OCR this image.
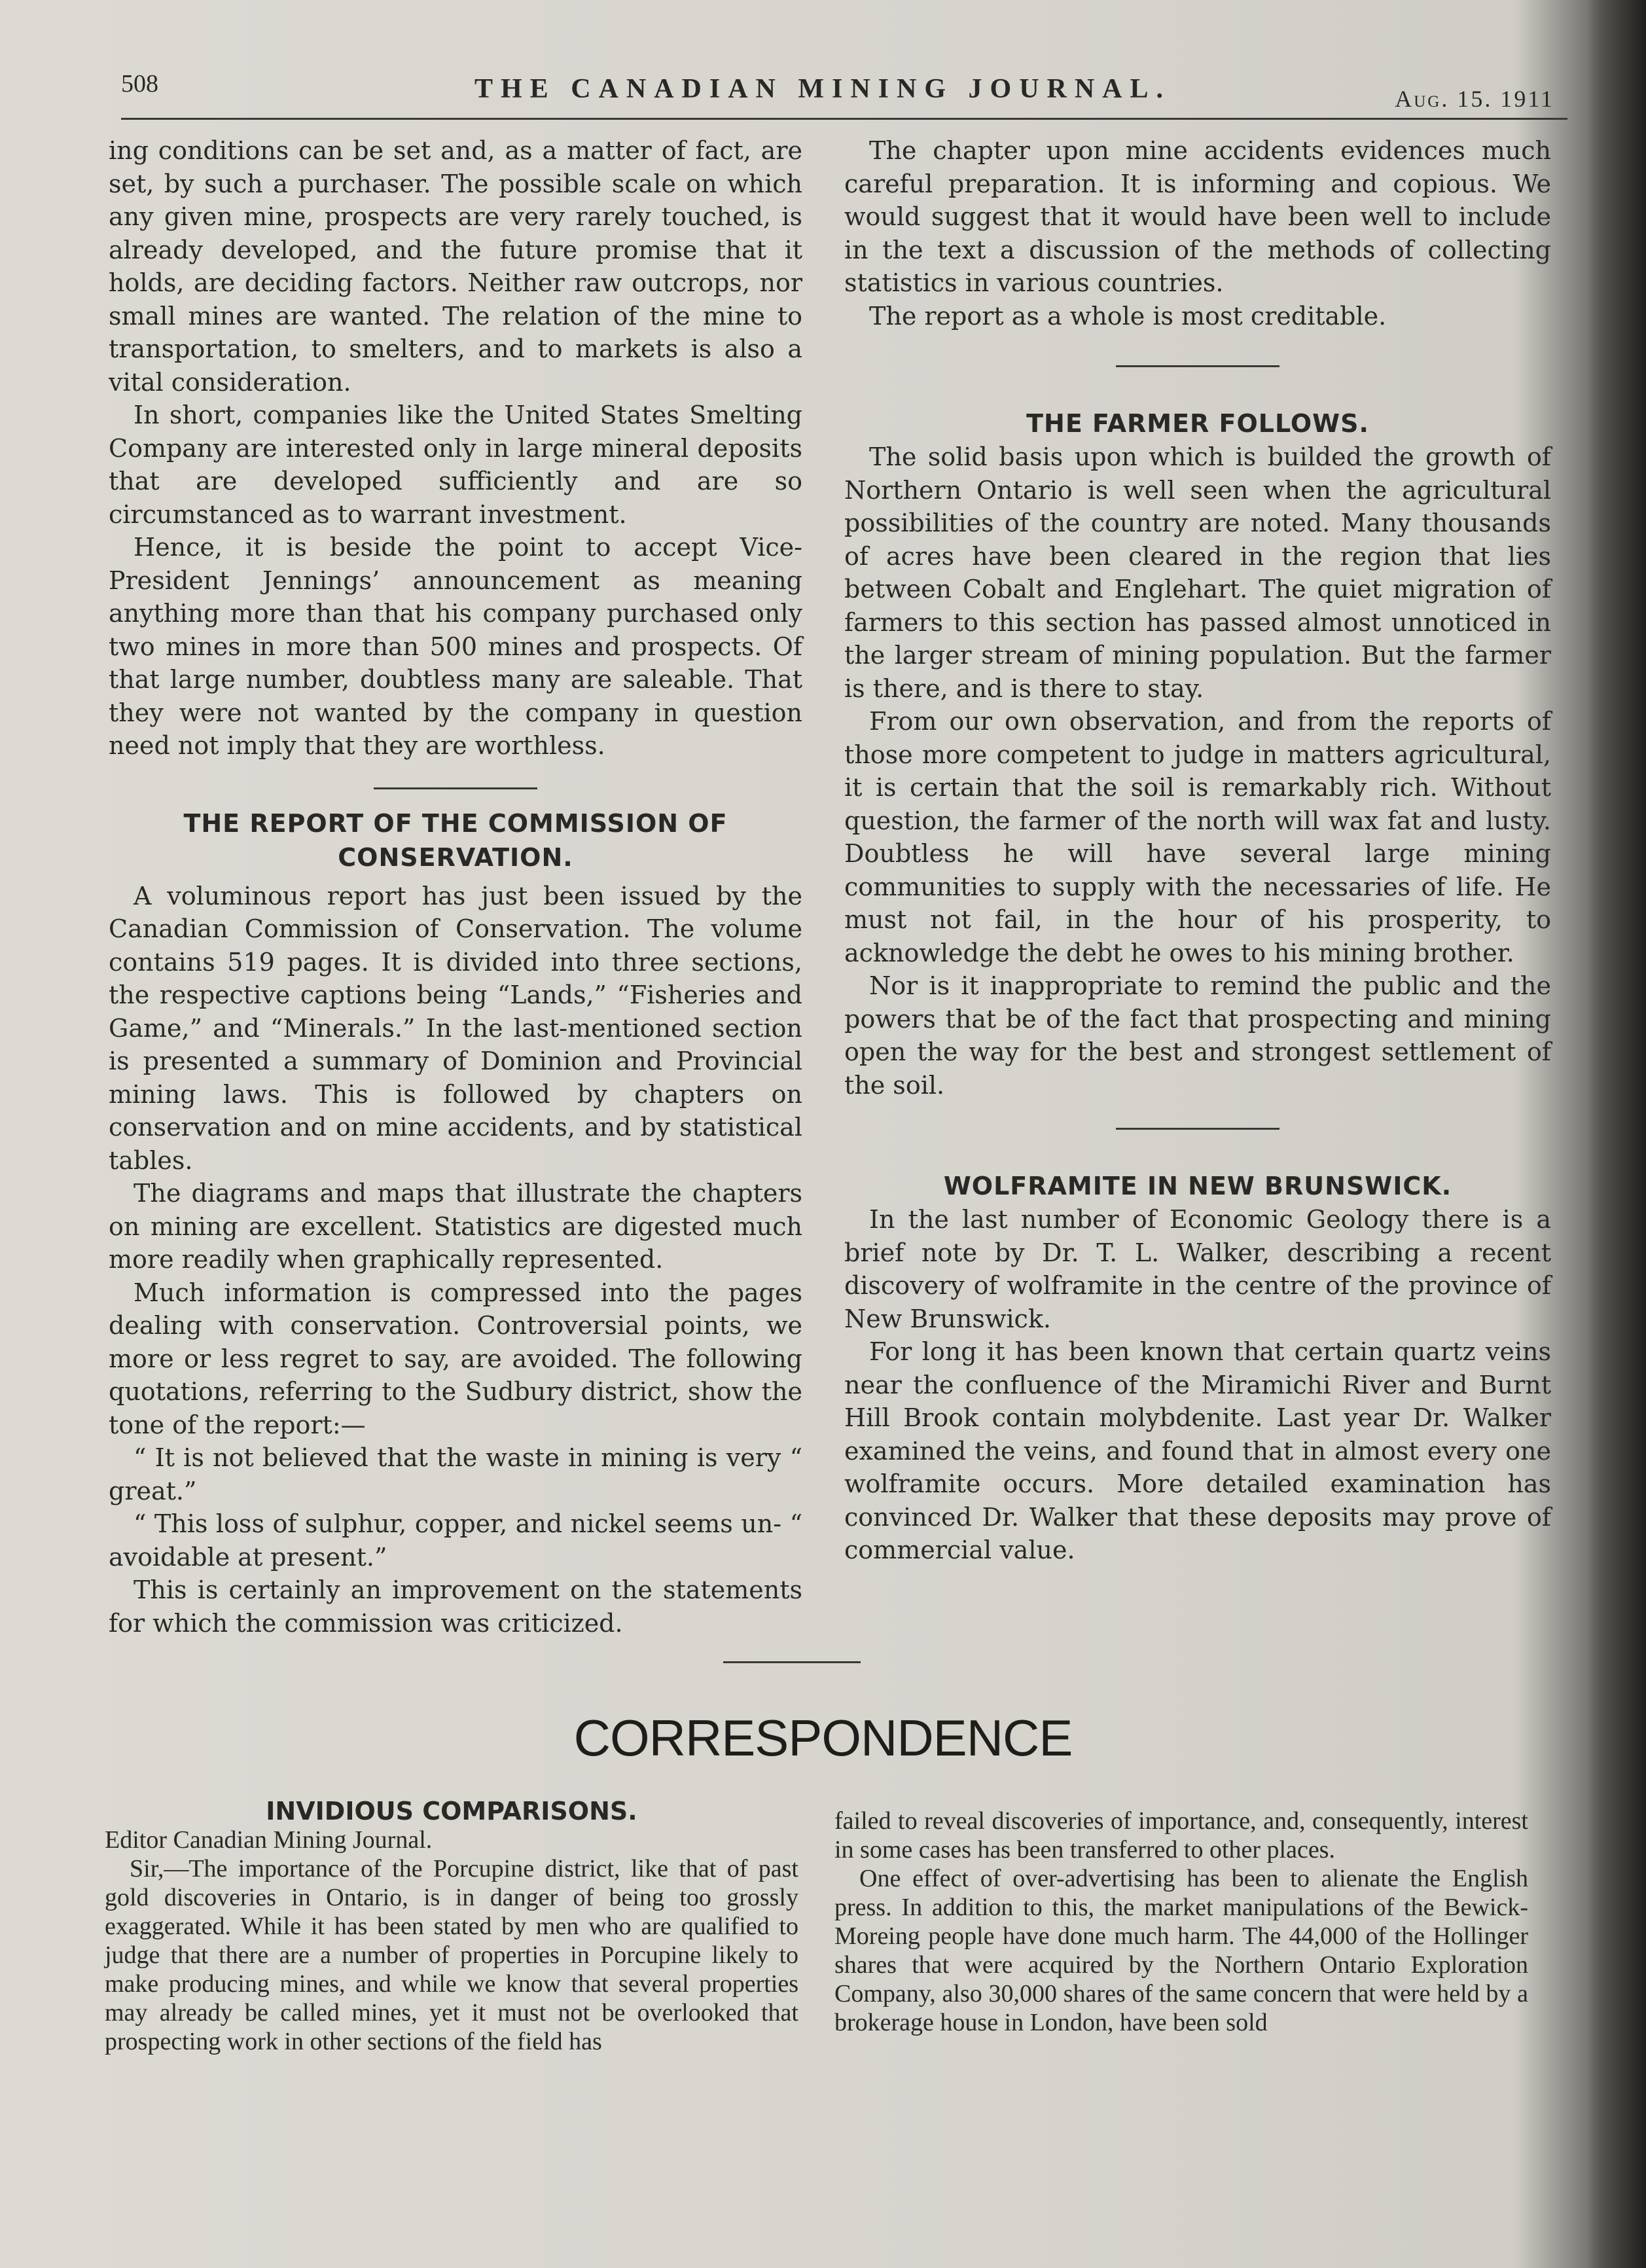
508	THE CANADIAN MINING JOURNAL.	Aug. 15. 1911

ing conditions can be set and, as a matter of fact, are set, by such a purchaser. The possible scale on which any given mine, prospects are very rarely touched, is already developed, and the future promise that it holds, are deciding factors. Neither raw outcrops, nor small mines are wanted. The relation of the mine to transportation, to smelters, and to markets is also a vital consideration.

In short, companies like the United States Smelting Company are interested only in large mineral deposits that are developed sufficiently and are so circumstanced as to warrant investment.

Hence, it is beside the point to accept Vice-President Jennings’ announcement as meaning anything more than that his company purchased only two mines in more than 500 mines and prospects. Of that large number, doubtless many are saleable. That they were not wanted by the company in question need not imply that they are worthless.

THE REPORT OF THE COMMISSION OF CONSERVATION.

A voluminous report has just been issued by the Canadian Commission of Conservation. The volume contains 519 pages. It is divided into three sections, the respective captions being “Lands,” “Fisheries and Game,” and “Minerals.” In the last-mentioned section is presented a summary of Dominion and Provincial mining laws. This is followed by chapters on conservation and on mine accidents, and by statistical tables.

The diagrams and maps that illustrate the chapters on mining are excellent. Statistics are digested much more readily when graphically represented.

Much information is compressed into the pages dealing with conservation. Controversial points, we more or less regret to say, are avoided. The following quotations, referring to the Sudbury district, show the tone of the report:—

“ It is not believed that the waste in mining is very “ great.”

“ This loss of sulphur, copper, and nickel seems un- “ avoidable at present.”

This is certainly an improvement on the statements for which the commission was criticized.

The chapter upon mine accidents evidences much careful preparation. It is informing and copious. We would suggest that it would have been well to include in the text a discussion of the methods of collecting statistics in various countries.

The report as a whole is most creditable.

THE FARMER FOLLOWS.

The solid basis upon which is builded the growth of Northern Ontario is well seen when the agricultural possibilities of the country are noted. Many thousands of acres have been cleared in the region that lies between Cobalt and Englehart. The quiet migration of farmers to this section has passed almost unnoticed in the larger stream of mining population. But the farmer is there, and is there to stay.

From our own observation, and from the reports of those more competent to judge in matters agricultural, it is certain that the soil is remarkably rich. Without question, the farmer of the north will wax fat and lusty. Doubtless he will have several large mining communities to supply with the necessaries of life. He must not fail, in the hour of his prosperity, to acknowledge the debt he owes to his mining brother.

Nor is it inappropriate to remind the public and the powers that be of the fact that prospecting and mining open the way for the best and strongest settlement of the soil.

WOLFRAMITE IN NEW BRUNSWICK.

In the last number of Economic Geology there is a brief note by Dr. T. L. Walker, describing a recent discovery of wolframite in the centre of the province of New Brunswick.

For long it has been known that certain quartz veins near the confluence of the Miramichi River and Burnt Hill Brook contain molybdenite. Last year Dr. Walker examined the veins, and found that in almost every one wolframite occurs. More detailed examination has convinced Dr. Walker that these deposits may prove of commercial value.

CORRESPONDENCE
INVIDIOUS COMPARISONS.

Editor Canadian Mining Journal.

Sir,—The importance of the Porcupine district, like that of past gold discoveries in Ontario, is in danger of being too grossly exaggerated. While it has been stated by men who are qualified to judge that there are a number of properties in Porcupine likely to make producing mines, and while we know that several properties may already be called mines, yet it must not be overlooked that prospecting work in other sections of the field has

failed to reveal discoveries of importance, and, consequently, interest in some cases has been transferred to other places.

One effect of over-advertising has been to alienate the English press. In addition to this, the market manipulations of the Bewick-Moreing people have done much harm. The 44,000 of the Hollinger shares that were acquired by the Northern Ontario Exploration Company, also 30,000 shares of the same concern that were held by a brokerage house in London, have been sold
